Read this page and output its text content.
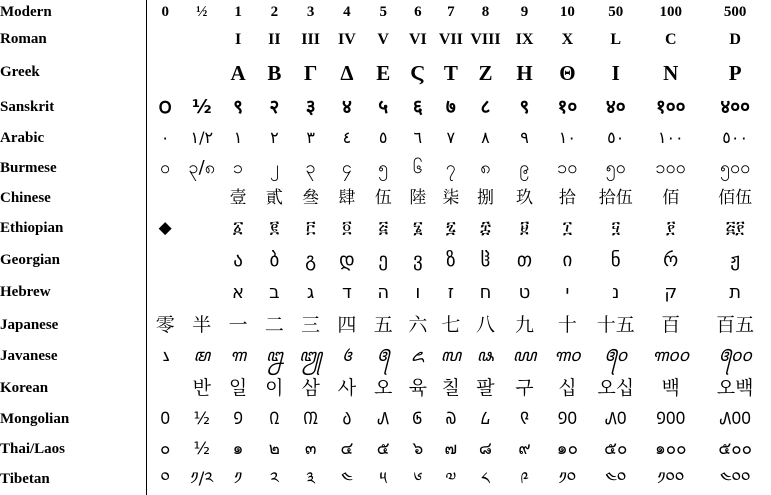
Modern	0	½	1	2	3	4	5	6	7	8	9	10	50	100	500
Roman			I	II	III	IV	V	VI	VII	VIII	IX	X	L	C	D
Greek			Α	Β	Γ	Δ	Ε	Ϛ	Τ	Ζ	Η	Θ	Ι	Ν	Ρ
Sanskrit	౦	½	९	२	३	४	५	६	७	८	९	१०	४०	१००	४००
Arabic	٠	١/٢	١	٢	٣	٤	٥	٦	٧	٨	٩	١٠	٥٠	١٠٠	٥٠٠
Burmese	၀	၃/၈	၁	၂	၃	၄	၅	၆	၇	၈	၉	၁၀	၅၀	၁၀၀	၅၀၀
Chinese			壹	貳	叄	肆	伍	陸	柒	捌	玖	拾	拾伍	佰	佰伍
Ethiopian	◆		፩	፪	፫	፬	፭	፮	፯	፰	፱	፲	፶	፻	፭፻
Georgian			ა	ბ	გ	დ	ე	ვ	ზ	ჱ	თ	ი	ნ	რ	ჟ
Hebrew			א	ב	ג	ד	ה	ו	ז	ח	ט	י	נ	ק	ת
Japanese	零	半	一	二	三	四	五	六	七	八	九	十	十五	百	百五
Javanese	꧈	ꦩ	꧑	꧒	꧓	꧔	꧕	꧖	꧗	꧘	꧙	꧑꧐	꧕꧐	꧑꧐꧐	꧕꧐꧐
Korean		반	일	이	삼	사	오	육	칠	팔	구	십	오십	백	오백
Mongolian	᠐	½	᠑	᠒	᠓	᠔	᠕	᠖	᠗	᠘	᠙	᠑᠐	᠕᠐	᠑᠐᠐	᠕᠐᠐
Thai/Laos	๐	½	๑	๒	๓	๔	๕	๖	๗	๘	๙	๑๐	๕๐	๑๐๐	๕๐๐
Tibetan	༠	༡/༢	༡	༢	༣	༤	༥	༦	༧	༨	༩	༡༠	༤༠	༡༠༠	༤༠༠
